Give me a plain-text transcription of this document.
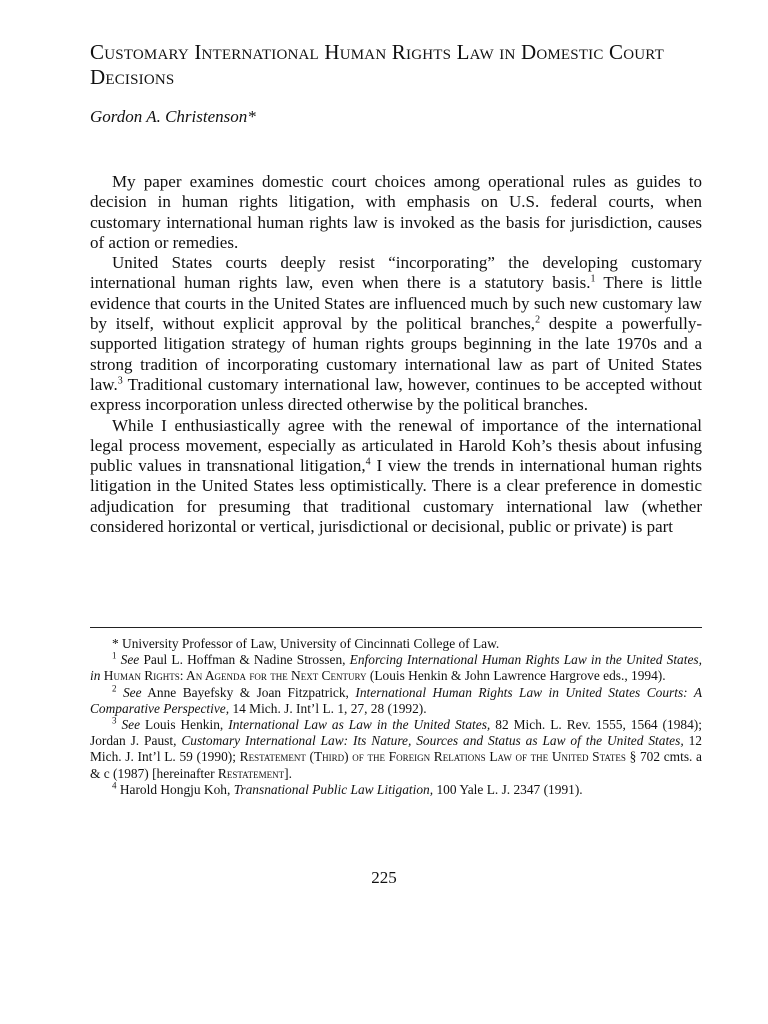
Customary International Human Rights Law in Domestic Court Decisions
Gordon A. Christenson*

My paper examines domestic court choices among operational rules as guides to decision in human rights litigation, with emphasis on U.S. federal courts, when customary international human rights law is invoked as the basis for jurisdiction, causes of action or remedies.

United States courts deeply resist “incorporating” the developing customary international human rights law, even when there is a statutory basis.$^1$ There is little evidence that courts in the United States are influenced much by such new customary law by itself, without explicit approval by the political branches,$^2$ despite a powerfully-supported litigation strategy of human rights groups beginning in the late 1970s and a strong tradition of incorporating customary international law as part of United States law.$^3$ Traditional customary international law, however, continues to be accepted without express incorporation unless directed otherwise by the political branches.

While I enthusiastically agree with the renewal of importance of the international legal process movement, especially as articulated in Harold Koh’s thesis about infusing public values in transnational litigation,$^4$ I view the trends in international human rights litigation in the United States less optimistically. There is a clear preference in domestic adjudication for presuming that traditional customary international law (whether considered horizontal or vertical, jurisdictional or decisional, public or private) is part

* University Professor of Law, University of Cincinnati College of Law.

$^1$ See Paul L. Hoffman & Nadine Strossen, Enforcing International Human Rights Law in the United States, in Human Rights: An Agenda for the Next Century (Louis Henkin & John Lawrence Hargrove eds., 1994).

$^2$ See Anne Bayefsky & Joan Fitzpatrick, International Human Rights Law in United States Courts: A Comparative Perspective, 14 Mich. J. Int’l L. 1, 27, 28 (1992).

$^3$ See Louis Henkin, International Law as Law in the United States, 82 Mich. L. Rev. 1555, 1564 (1984); Jordan J. Paust, Customary International Law: Its Nature, Sources and Status as Law of the United States, 12 Mich. J. Int’l L. 59 (1990); Restatement (Third) of the Foreign Relations Law of the United States § 702 cmts. a & c (1987) [hereinafter Restatement].

$^4$ Harold Hongju Koh, Transnational Public Law Litigation, 100 Yale L. J. 2347 (1991).

225
